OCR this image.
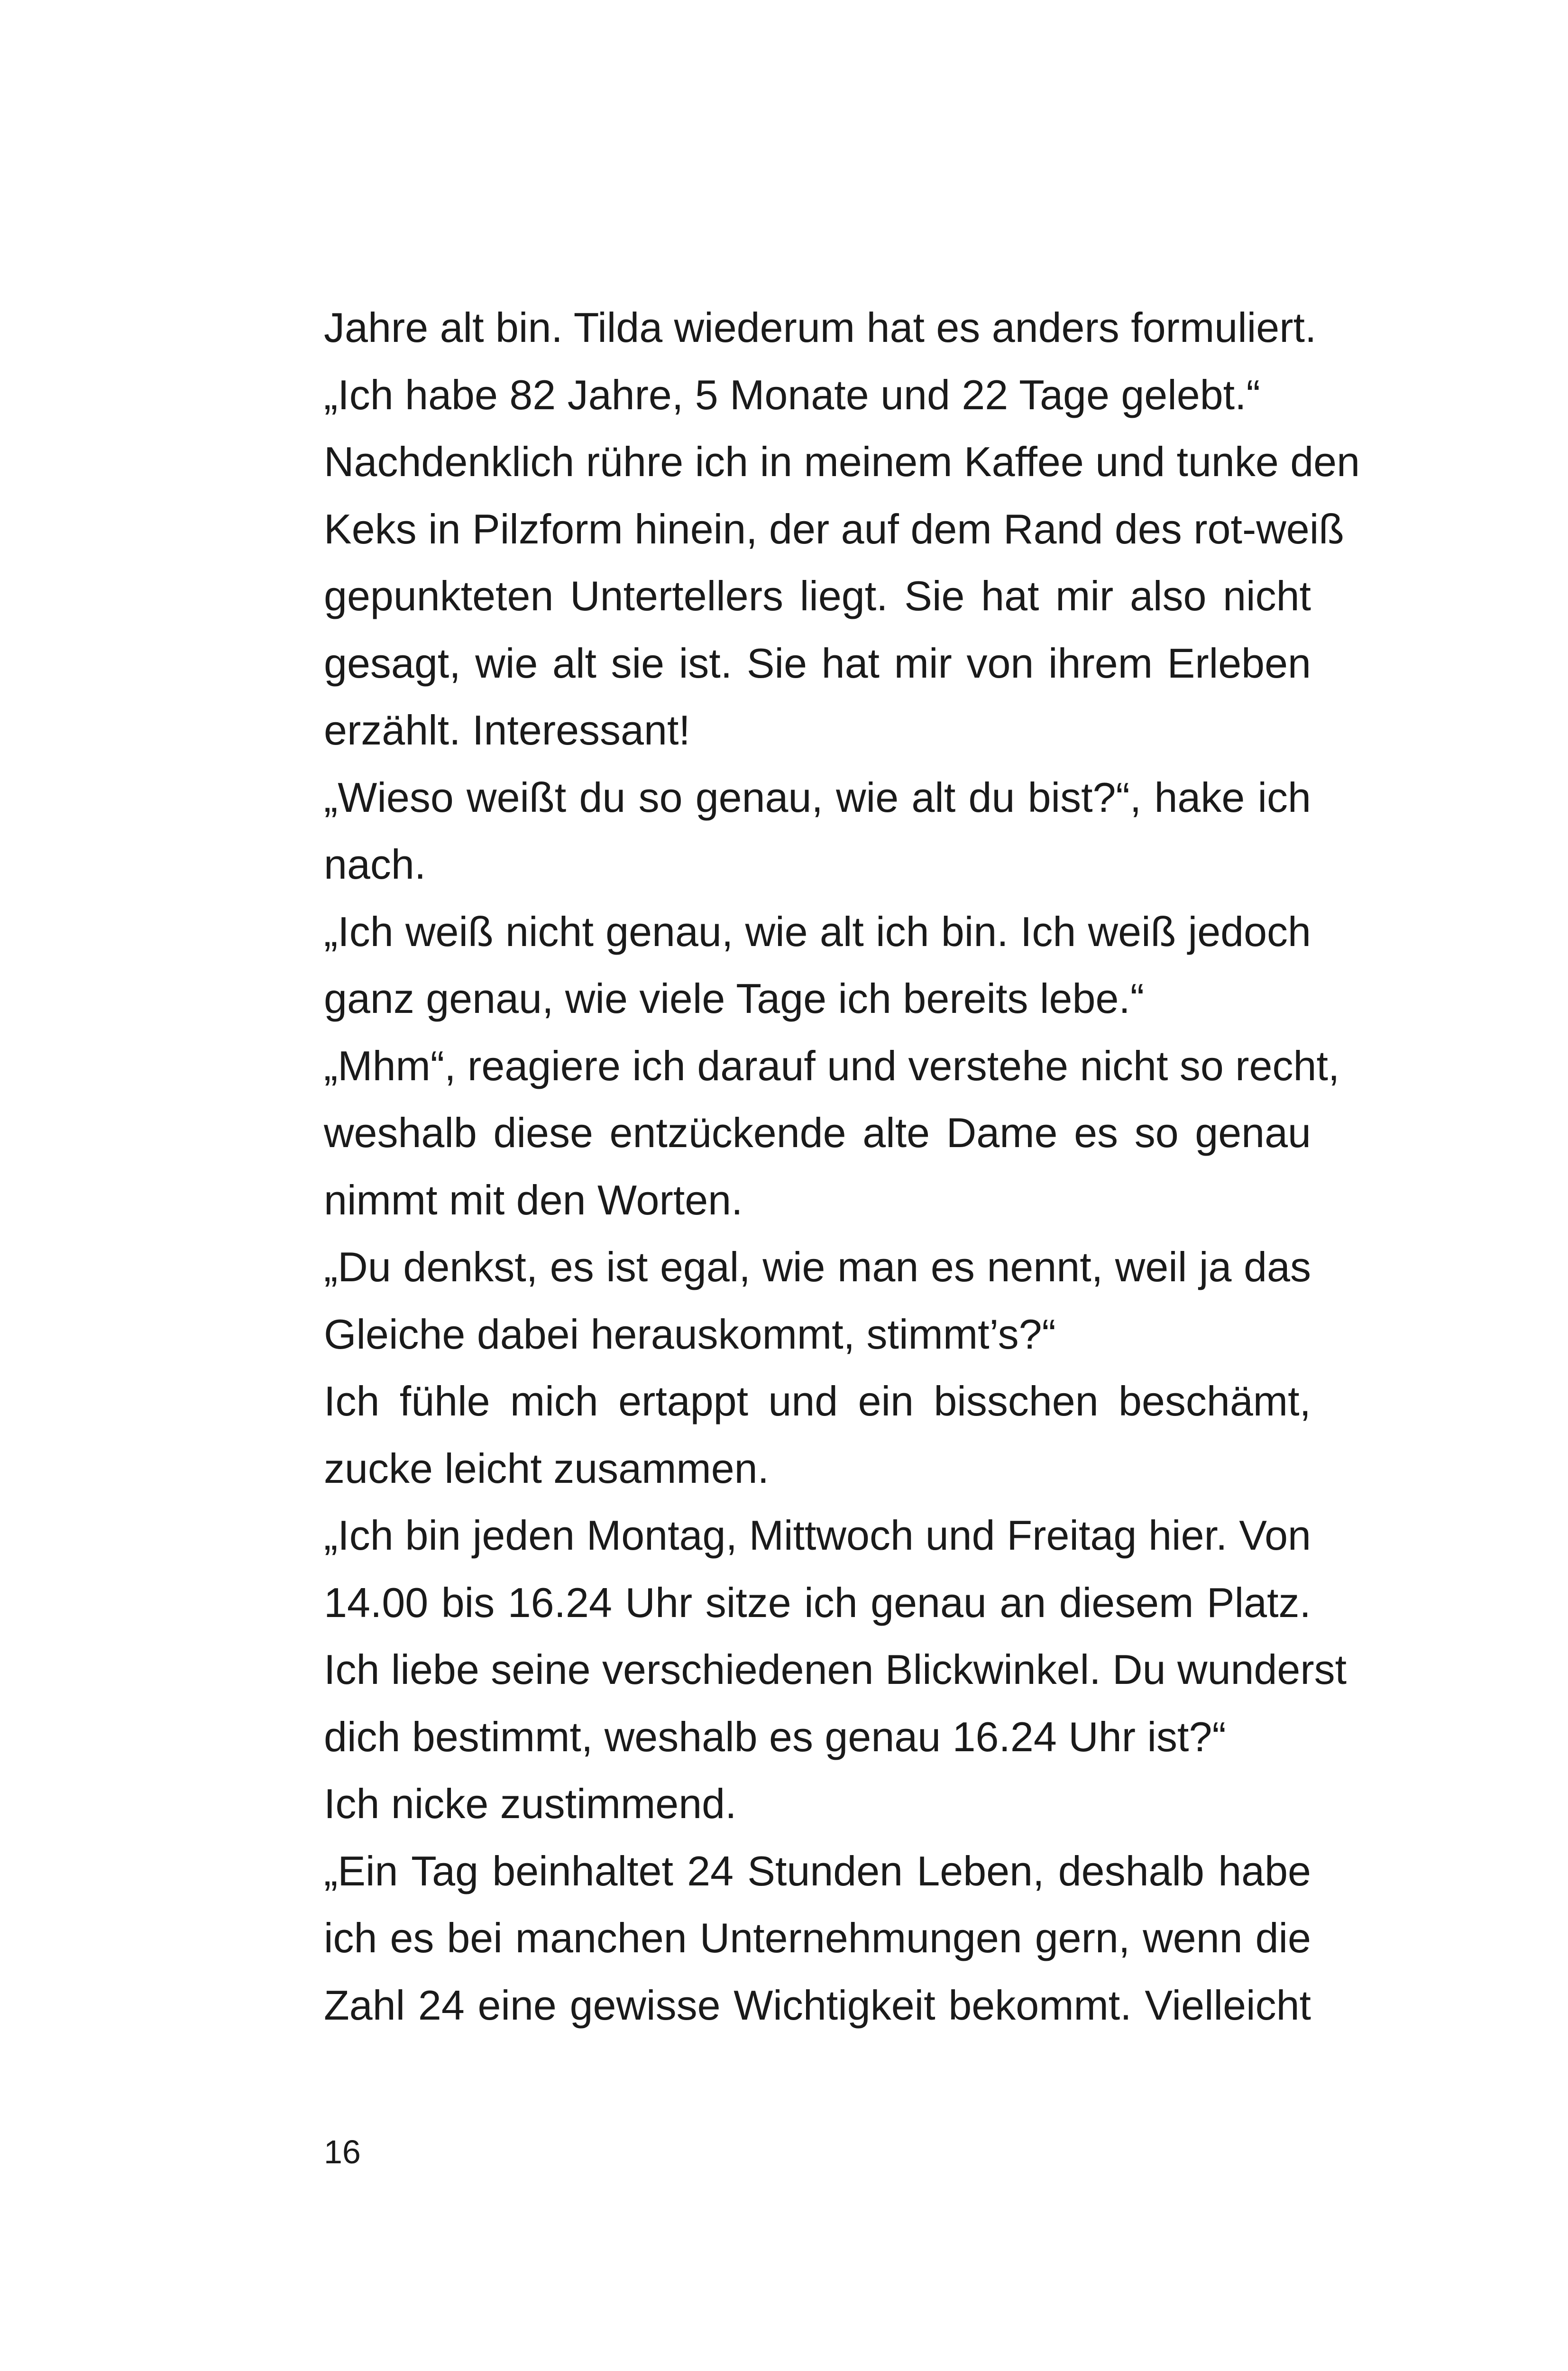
Jahre alt bin. Tilda wiederum hat es anders formuliert.
„Ich habe 82 Jahre, 5 Monate und 22 Tage gelebt.“
Nachdenklich rühre ich in meinem Kaffee und tunke den
Keks in Pilzform hinein, der auf dem Rand des rot-weiß
gepunkteten Untertellers liegt. Sie hat mir also nicht
gesagt, wie alt sie ist. Sie hat mir von ihrem Erleben
erzählt. Interessant!
„Wieso weißt du so genau, wie alt du bist?“, hake ich
nach.
„Ich weiß nicht genau, wie alt ich bin. Ich weiß jedoch
ganz genau, wie viele Tage ich bereits lebe.“
„Mhm“, reagiere ich darauf und verstehe nicht so recht,
weshalb diese entzückende alte Dame es so genau
nimmt mit den Worten.
„Du denkst, es ist egal, wie man es nennt, weil ja das
Gleiche dabei herauskommt, stimmt’s?“
Ich fühle mich ertappt und ein bisschen beschämt,
zucke leicht zusammen.
„Ich bin jeden Montag, Mittwoch und Freitag hier. Von
14.00 bis 16.24 Uhr sitze ich genau an diesem Platz.
Ich liebe seine verschiedenen Blickwinkel. Du wunderst
dich bestimmt, weshalb es genau 16.24 Uhr ist?“
Ich nicke zustimmend.
„Ein Tag beinhaltet 24 Stunden Leben, deshalb habe
ich es bei manchen Unternehmungen gern, wenn die
Zahl 24 eine gewisse Wichtigkeit bekommt. Vielleicht
16
